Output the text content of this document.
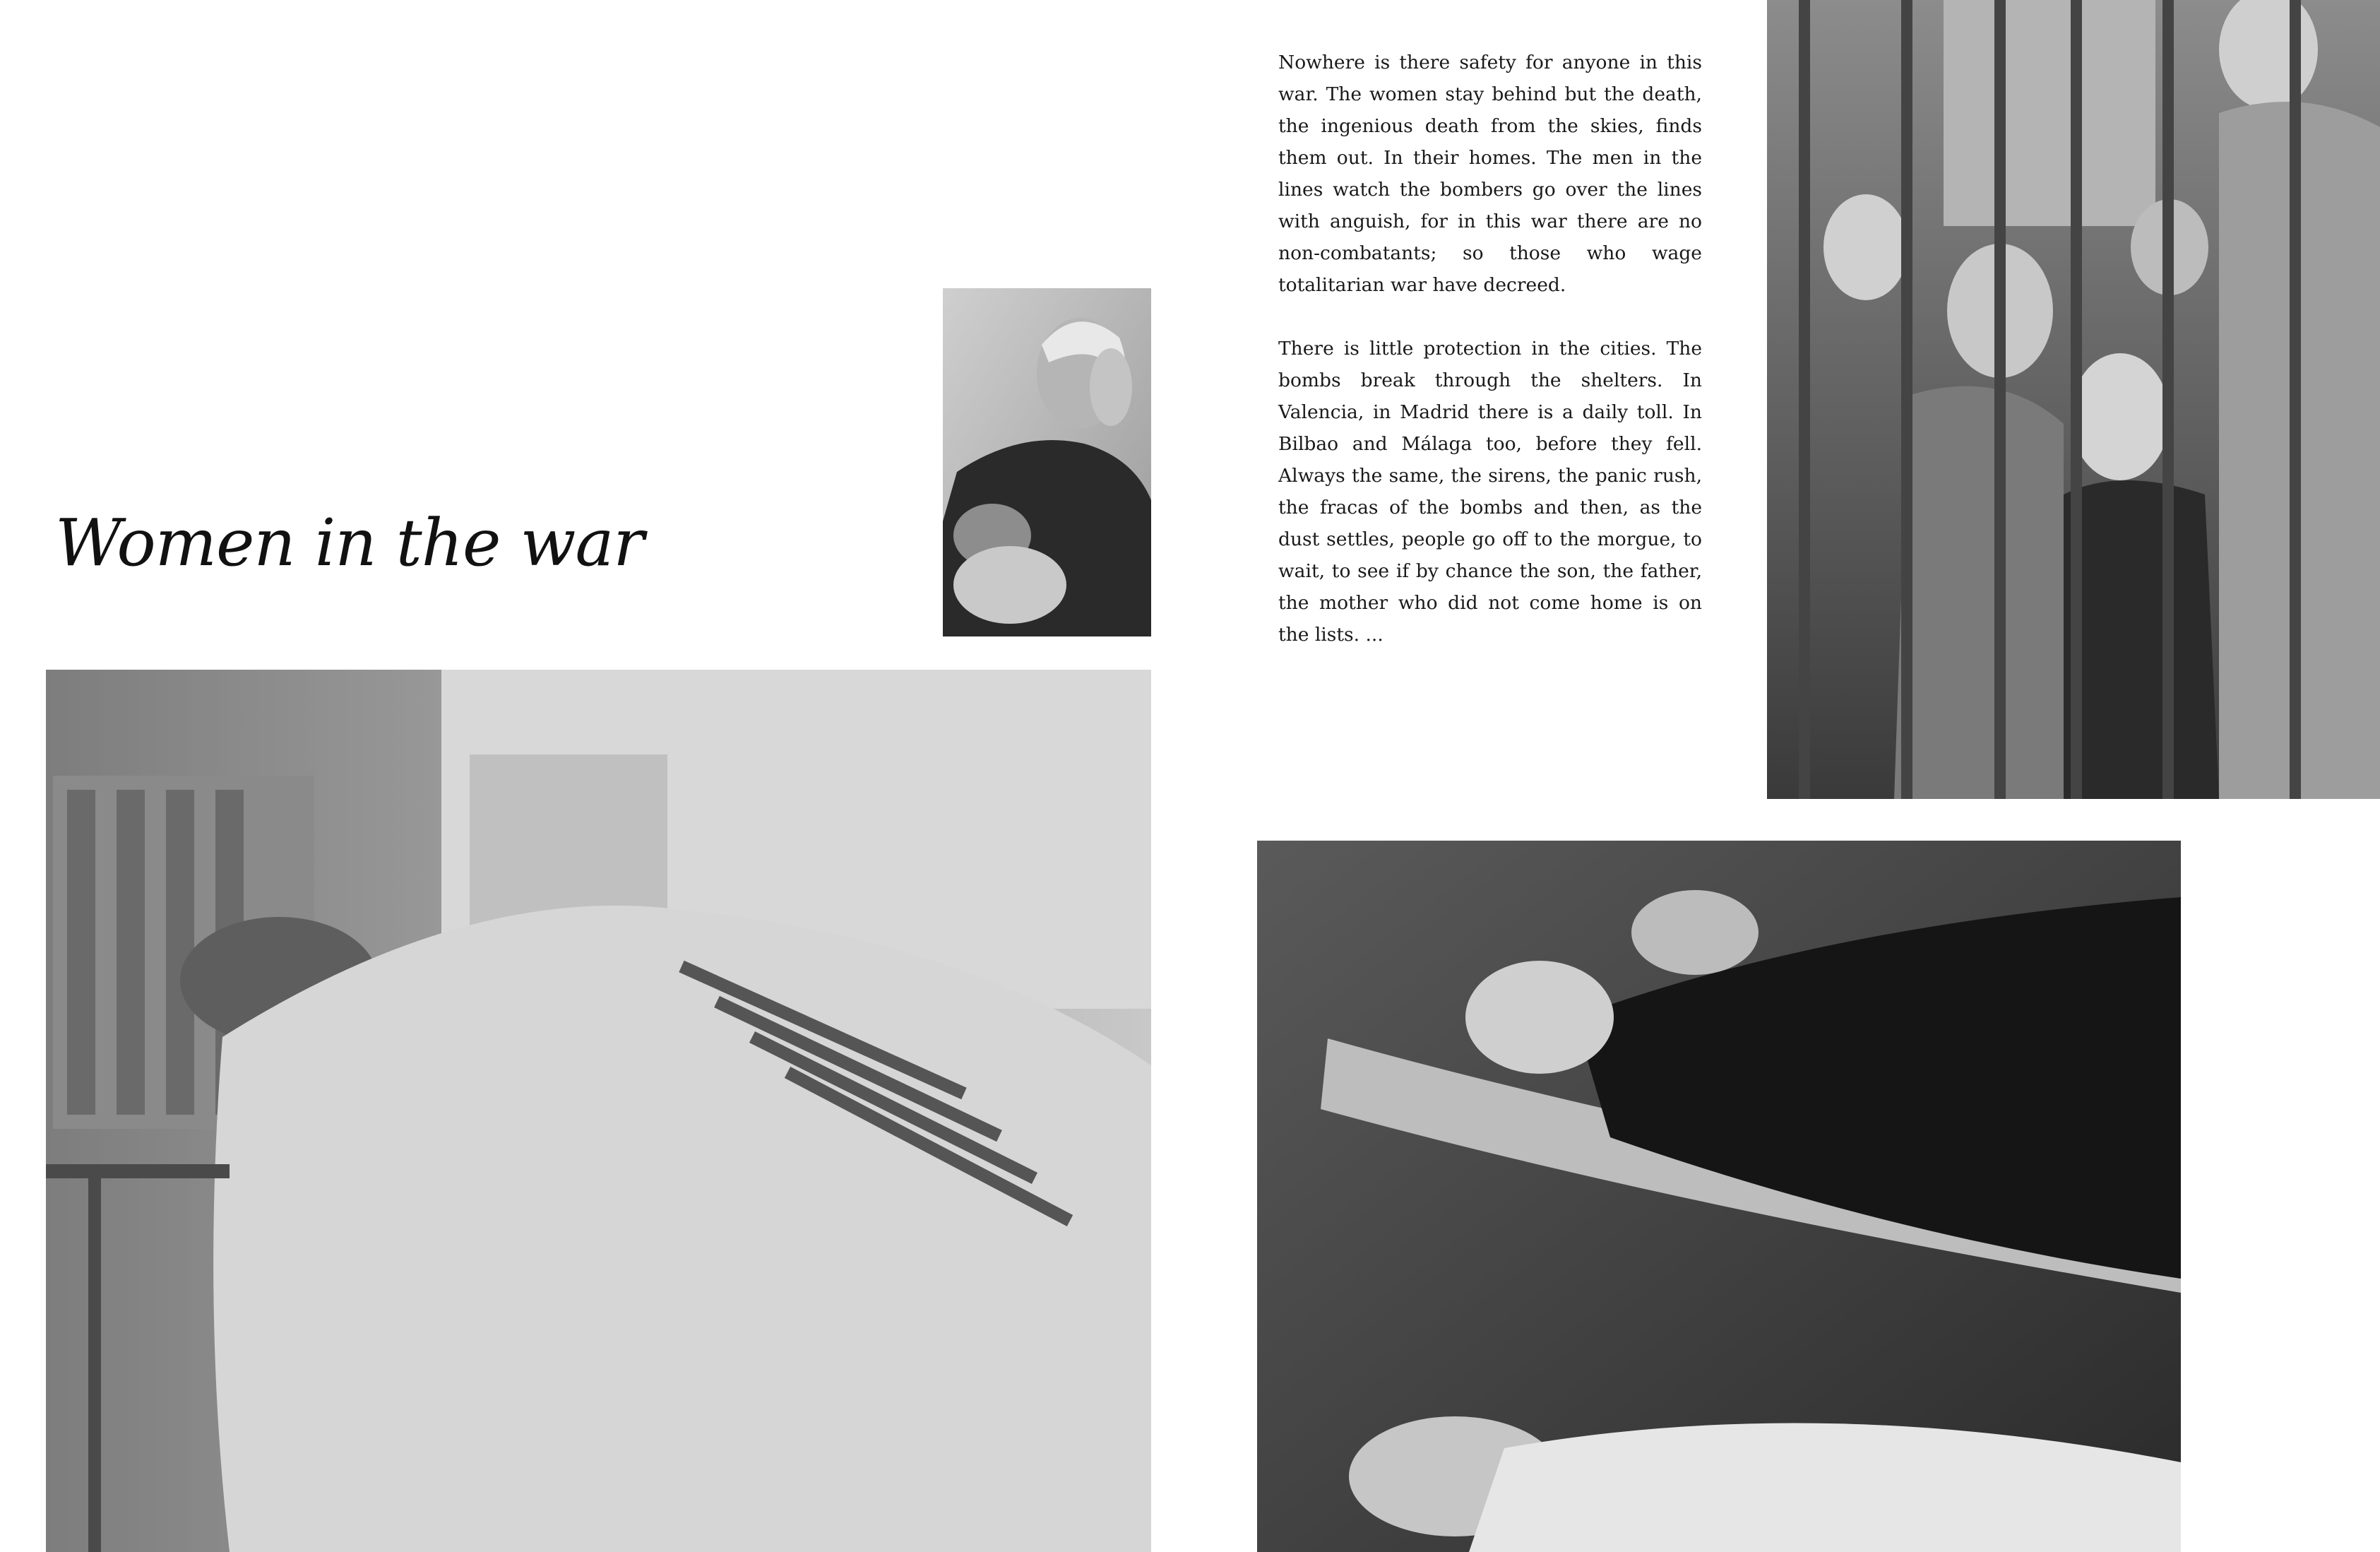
Women in the war

Nowhere is there safety for anyone in this war. The women stay behind but the death, the ingenious death from the skies, finds them out. In their homes. The men in the lines watch the bombers go over the lines with anguish, for in this war there are no non-combatants; so those who wage totalitarian war have decreed.

There is little protection in the cities. The bombs break through the shelters. In Valencia, in Madrid there is a daily toll. In Bilbao and Málaga too, before they fell. Always the same, the sirens, the panic rush, the fracas of the bombs and then, as the dust settles, people go off to the morgue, to wait, to see if by chance the son, the father, the mother who did not come home is on the lists. ...
